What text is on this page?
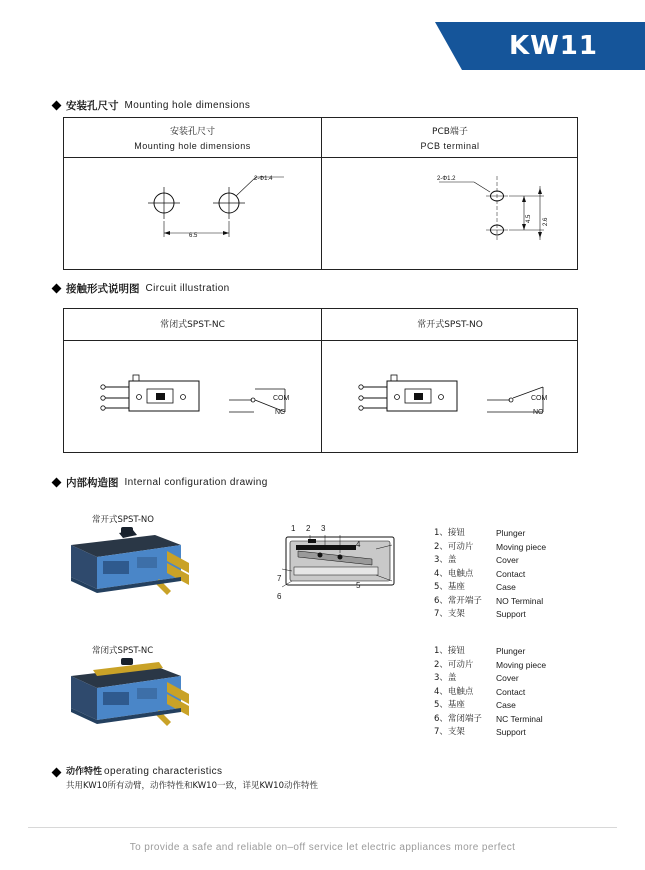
KW11
安装孔尺寸 Mounting hole dimensions
安装孔尺寸
Mounting hole dimensions
PCB端子
PCB terminal
6.5
2-Φ1.4	2-Φ1.2
4.5 2.6
接触形式说明图 Circuit illustration
常闭式SPST-NC	常开式SPST-NO
COM
NC
COM
NO
内部构造图 Internal configuration drawing
常开式SPST-NO
1 2 3
4
5
6
7
1、接钮	Plunger
2、可动片	Moving piece
3、盖	Cover
4、电触点	Contact
5、基座	Case
6、常开端子	NO Terminal
7、支架	Support
常闭式SPST-NC	1、接钮	Plunger
2、可动片	Moving piece
3、盖	Cover
4、电触点	Contact
5、基座	Case
6、常闭端子	NC Terminal
7、支架	Support
动作特性 operating characteristics
共用KW10所有动臂，动作特性和KW10一致，详见KW10动作特性
To provide a safe and reliable on–off service let electric appliances more perfect
